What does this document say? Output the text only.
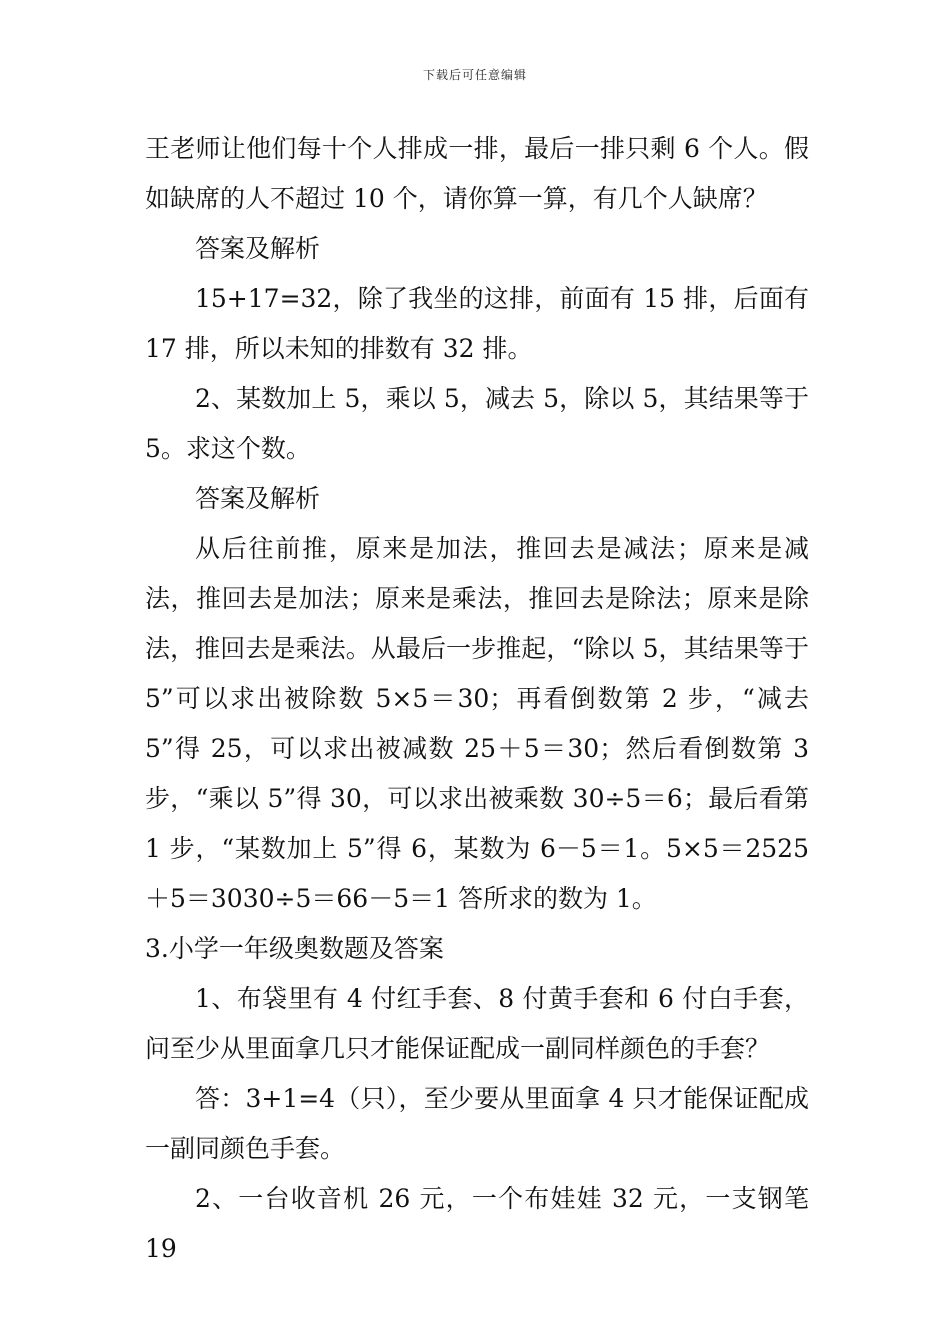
下载后可任意编辑

王老师让他们每十个人排成一排，最后一排只剩 6 个人。假如缺席的人不超过 10 个，请你算一算，有几个人缺席？

答案及解析

15+17=32，除了我坐的这排，前面有 15 排，后面有 17 排，所以未知的排数有 32 排。

2、某数加上 5，乘以 5，减去 5，除以 5，其结果等于 5。求这个数。

答案及解析

从后往前推，原来是加法，推回去是减法；原来是减法，推回去是加法；原来是乘法，推回去是除法；原来是除法，推回去是乘法。从最后一步推起，“除以 5，其结果等于 5”可以求出被除数 5×5＝30；再看倒数第 2 步，“减去 5”得 25，可以求出被减数 25＋5＝30；然后看倒数第 3 步，“乘以 5”得 30，可以求出被乘数 30÷5＝6；最后看第 1 步，“某数加上 5”得 6，某数为 6－5＝1。5×5＝2525＋5＝3030÷5＝66－5＝1 答所求的数为 1。

3.小学一年级奥数题及答案

1、布袋里有 4 付红手套、8 付黄手套和 6 付白手套，问至少从里面拿几只才能保证配成一副同样颜色的手套？

答：3+1=4（只），至少要从里面拿 4 只才能保证配成一副同颜色手套。

2、一台收音机 26 元，一个布娃娃 32 元，一支钢笔 19
